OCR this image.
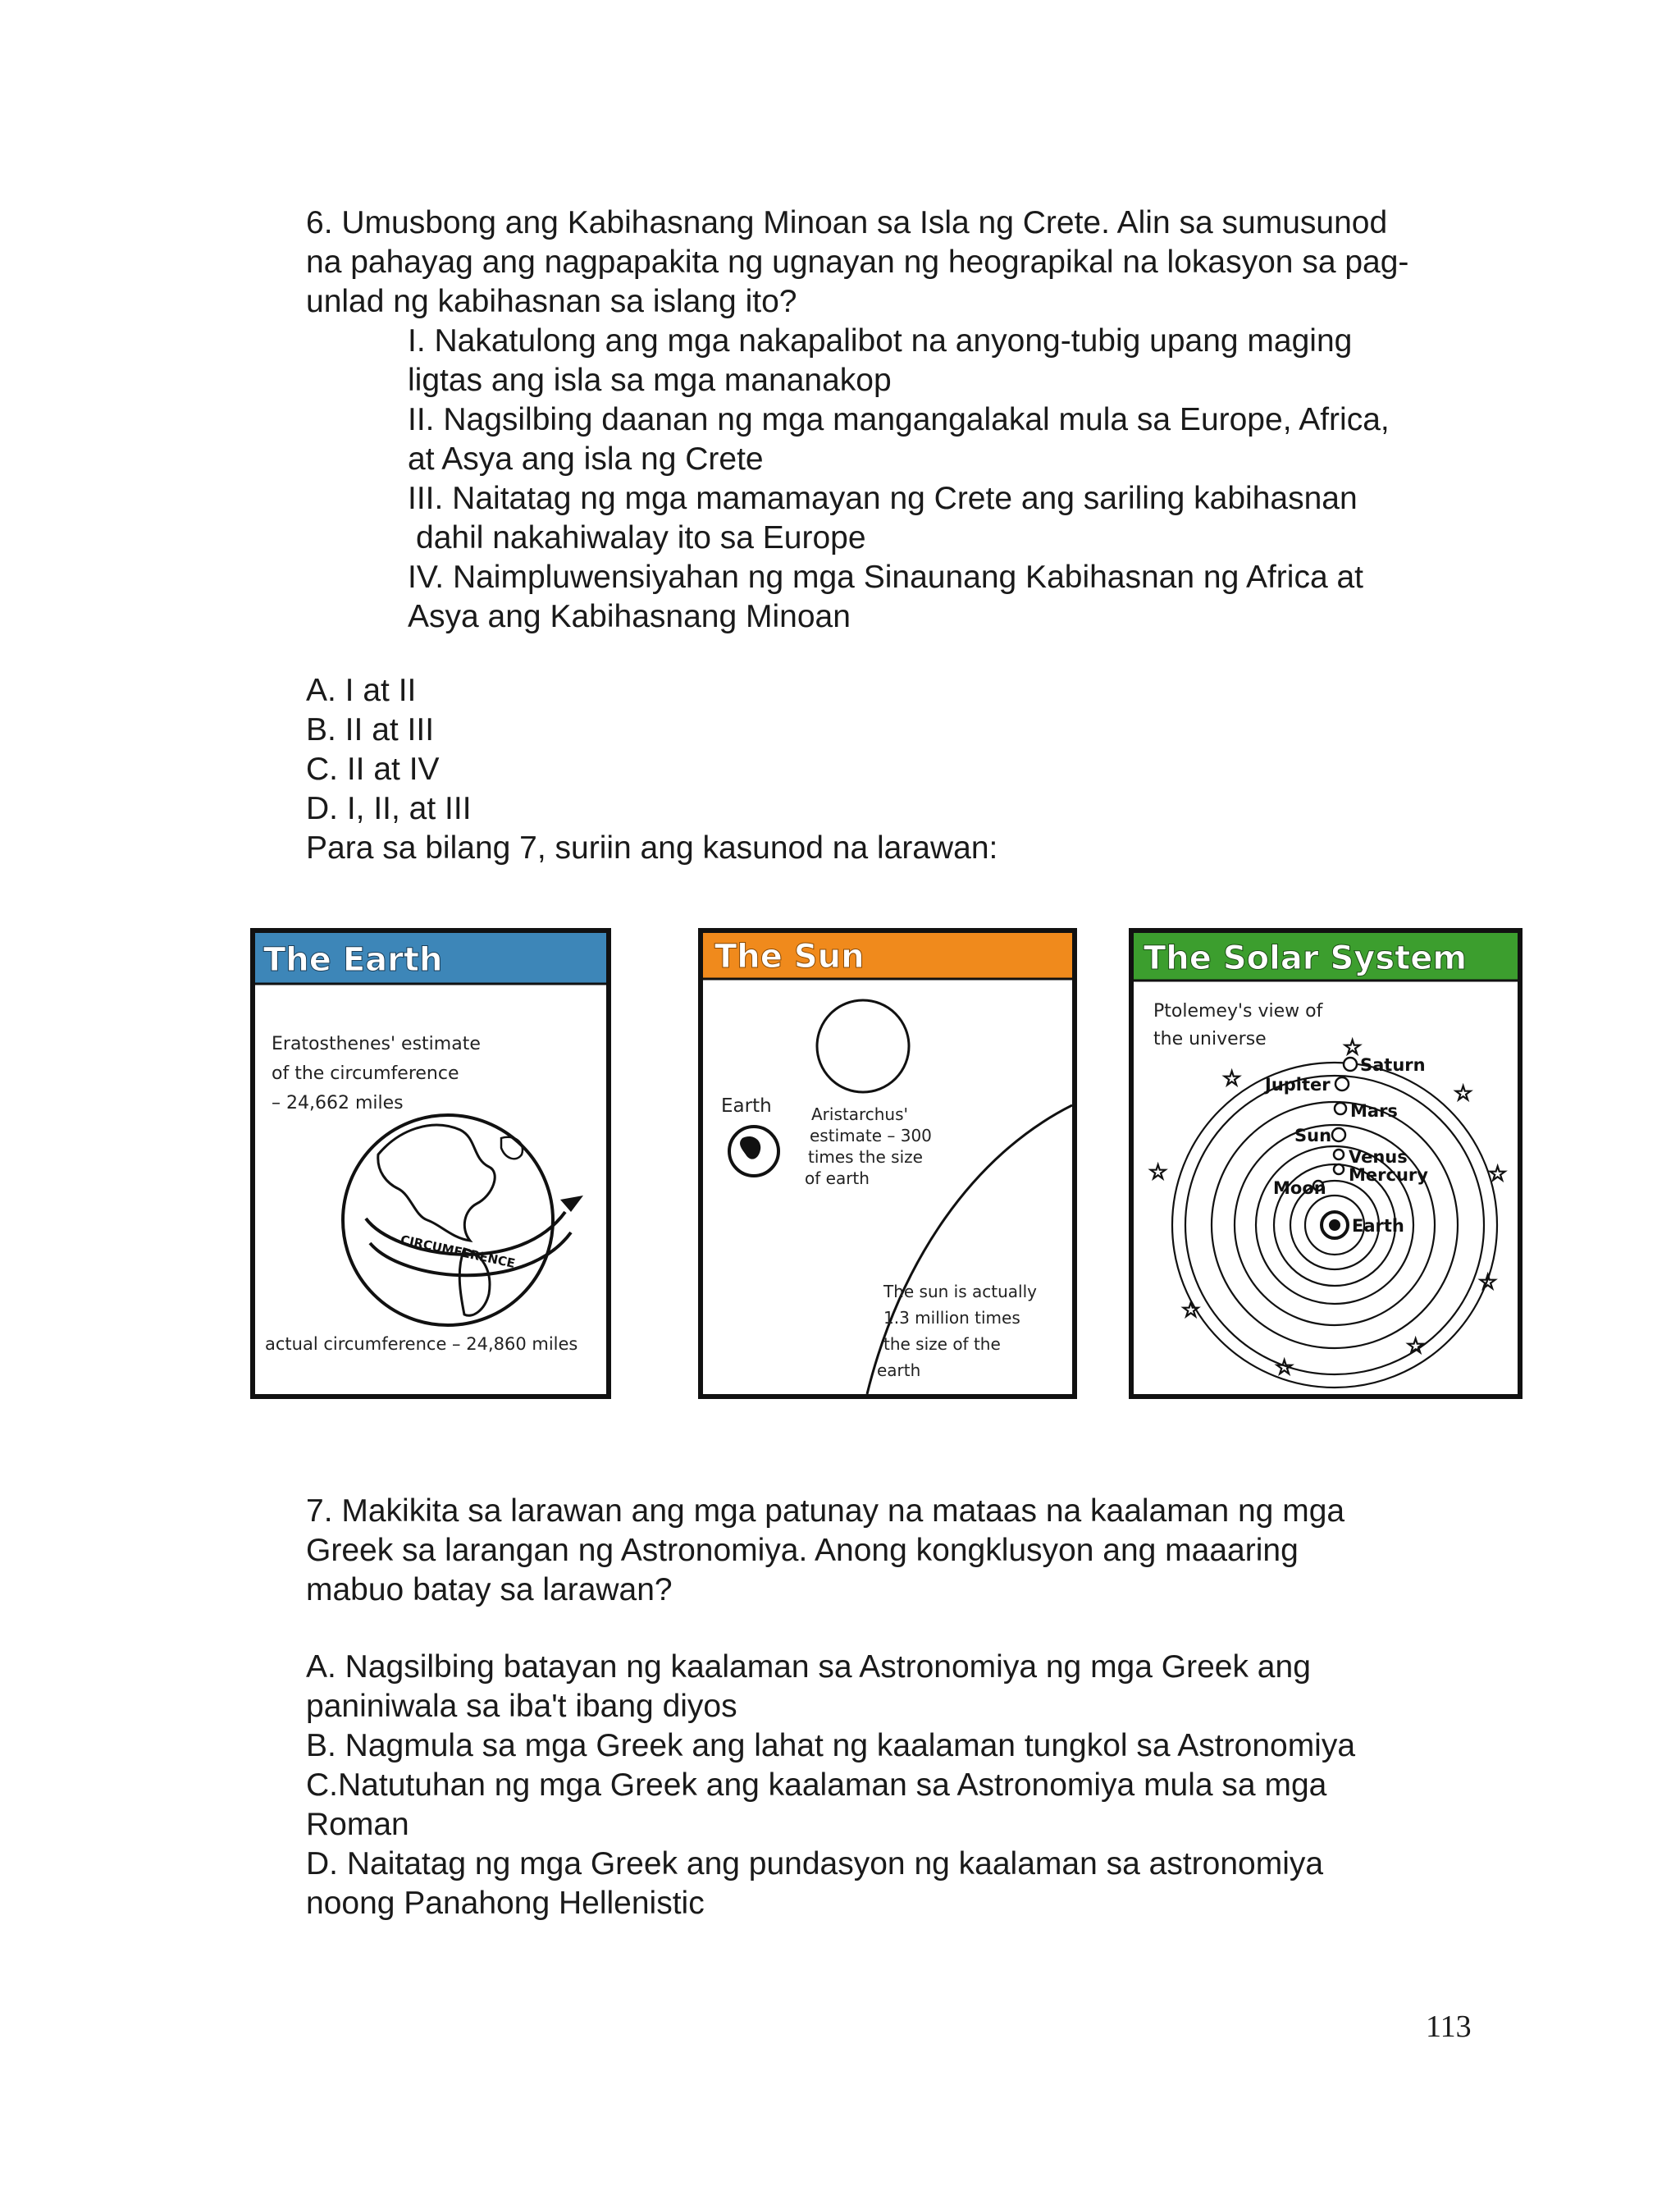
6. Umusbong ang Kabihasnang Minoan sa Isla ng Crete. Alin sa sumusunod

na pahayag ang nagpapakita ng ugnayan ng heograpikal na lokasyon sa pag-

unlad ng kabihasnan sa islang ito?

I. Nakatulong ang mga nakapalibot na anyong-tubig upang maging

ligtas ang isla sa mga mananakop

II. Nagsilbing daanan ng mga mangangalakal mula sa Europe, Africa,

at Asya ang isla ng Crete

III. Naitatag ng mga mamamayan ng Crete ang sariling kabihasnan

dahil nakahiwalay ito sa Europe

IV. Naimpluwensiyahan ng mga Sinaunang Kabihasnan ng Africa at

Asya ang Kabihasnang Minoan

A. I at II

B. II at III

C. II at IV

D. I, II, at III

Para sa bilang 7, suriin ang kasunod na larawan:

The Earth
Eratosthenes' estimate
of the circumference
– 24,662 miles
CIRCUMFERENCE
actual circumference – 24,860 miles
The Sun
Earth Aristarchus'
estimate – 300
times the size
of earth
The sun is actually
1.3 million times
the size of the
earth
The Solar System
Ptolemey's view of
the universe
Saturn
Jupiter
Mars
Sun
Venus
Mercury
Moon
Earth
☆
☆
☆
☆	☆
☆
☆
☆
☆

7. Makikita sa larawan ang mga patunay na mataas na kaalaman ng mga

Greek sa larangan ng Astronomiya. Anong kongklusyon ang maaaring

mabuo batay sa larawan?

A. Nagsilbing batayan ng kaalaman sa Astronomiya ng mga Greek ang

paniniwala sa iba't ibang diyos

B. Nagmula sa mga Greek ang lahat ng kaalaman tungkol sa Astronomiya

C.Natutuhan ng mga Greek ang kaalaman sa Astronomiya mula sa mga

Roman

D. Naitatag ng mga Greek ang pundasyon ng kaalaman sa astronomiya

noong Panahong Hellenistic

113
